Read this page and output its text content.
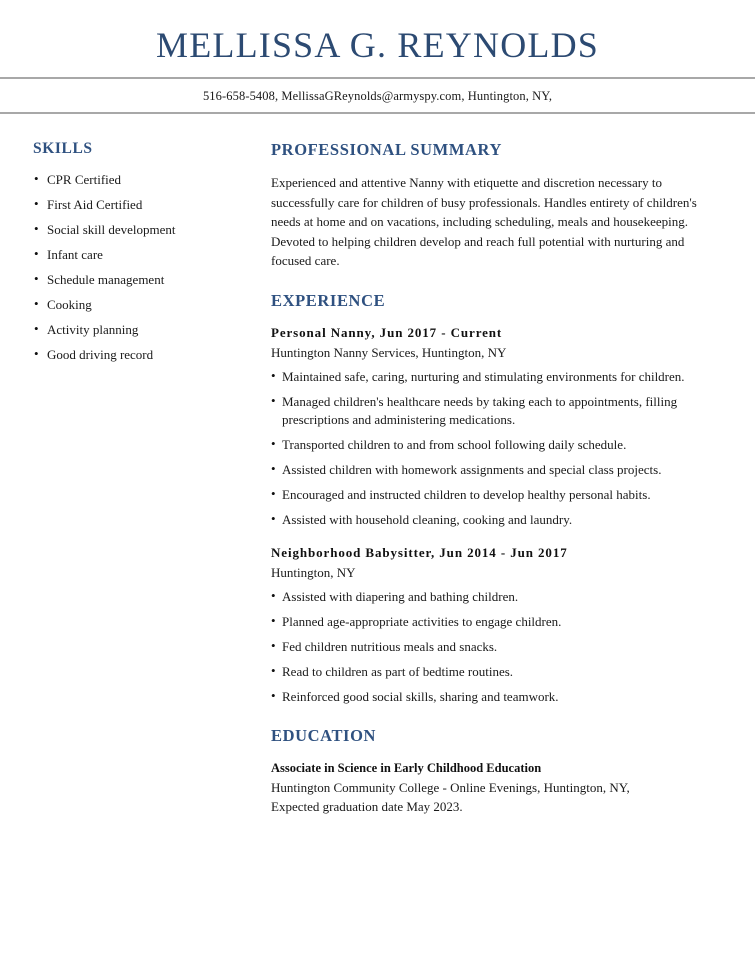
MELLISSA G. REYNOLDS
516-658-5408, MellissaGReynolds@armyspy.com, Huntington, NY,
SKILLS
• CPR Certified
• First Aid Certified
• Social skill development
• Infant care
• Schedule management
• Cooking
• Activity planning
• Good driving record
PROFESSIONAL SUMMARY

Experienced and attentive Nanny with etiquette and discretion necessary to successfully care for children of busy professionals. Handles entirety of children's needs at home and on vacations, including scheduling, meals and housekeeping. Devoted to helping children develop and reach full potential with nurturing and focused care.

EXPERIENCE
Personal Nanny, Jun 2017 - Current
Huntington Nanny Services, Huntington, NY
• Maintained safe, caring, nurturing and stimulating environments for children.
• Managed children's healthcare needs by taking each to appointments, filling prescriptions and administering medications.
• Transported children to and from school following daily schedule.
• Assisted children with homework assignments and special class projects.
• Encouraged and instructed children to develop healthy personal habits.
• Assisted with household cleaning, cooking and laundry.
Neighborhood Babysitter, Jun 2014 - Jun 2017
Huntington, NY
• Assisted with diapering and bathing children.
• Planned age-appropriate activities to engage children.
• Fed children nutritious meals and snacks.
• Read to children as part of bedtime routines.
• Reinforced good social skills, sharing and teamwork.
EDUCATION
Associate in Science in Early Childhood Education
Huntington Community College - Online Evenings, Huntington, NY,
Expected graduation date May 2023.
